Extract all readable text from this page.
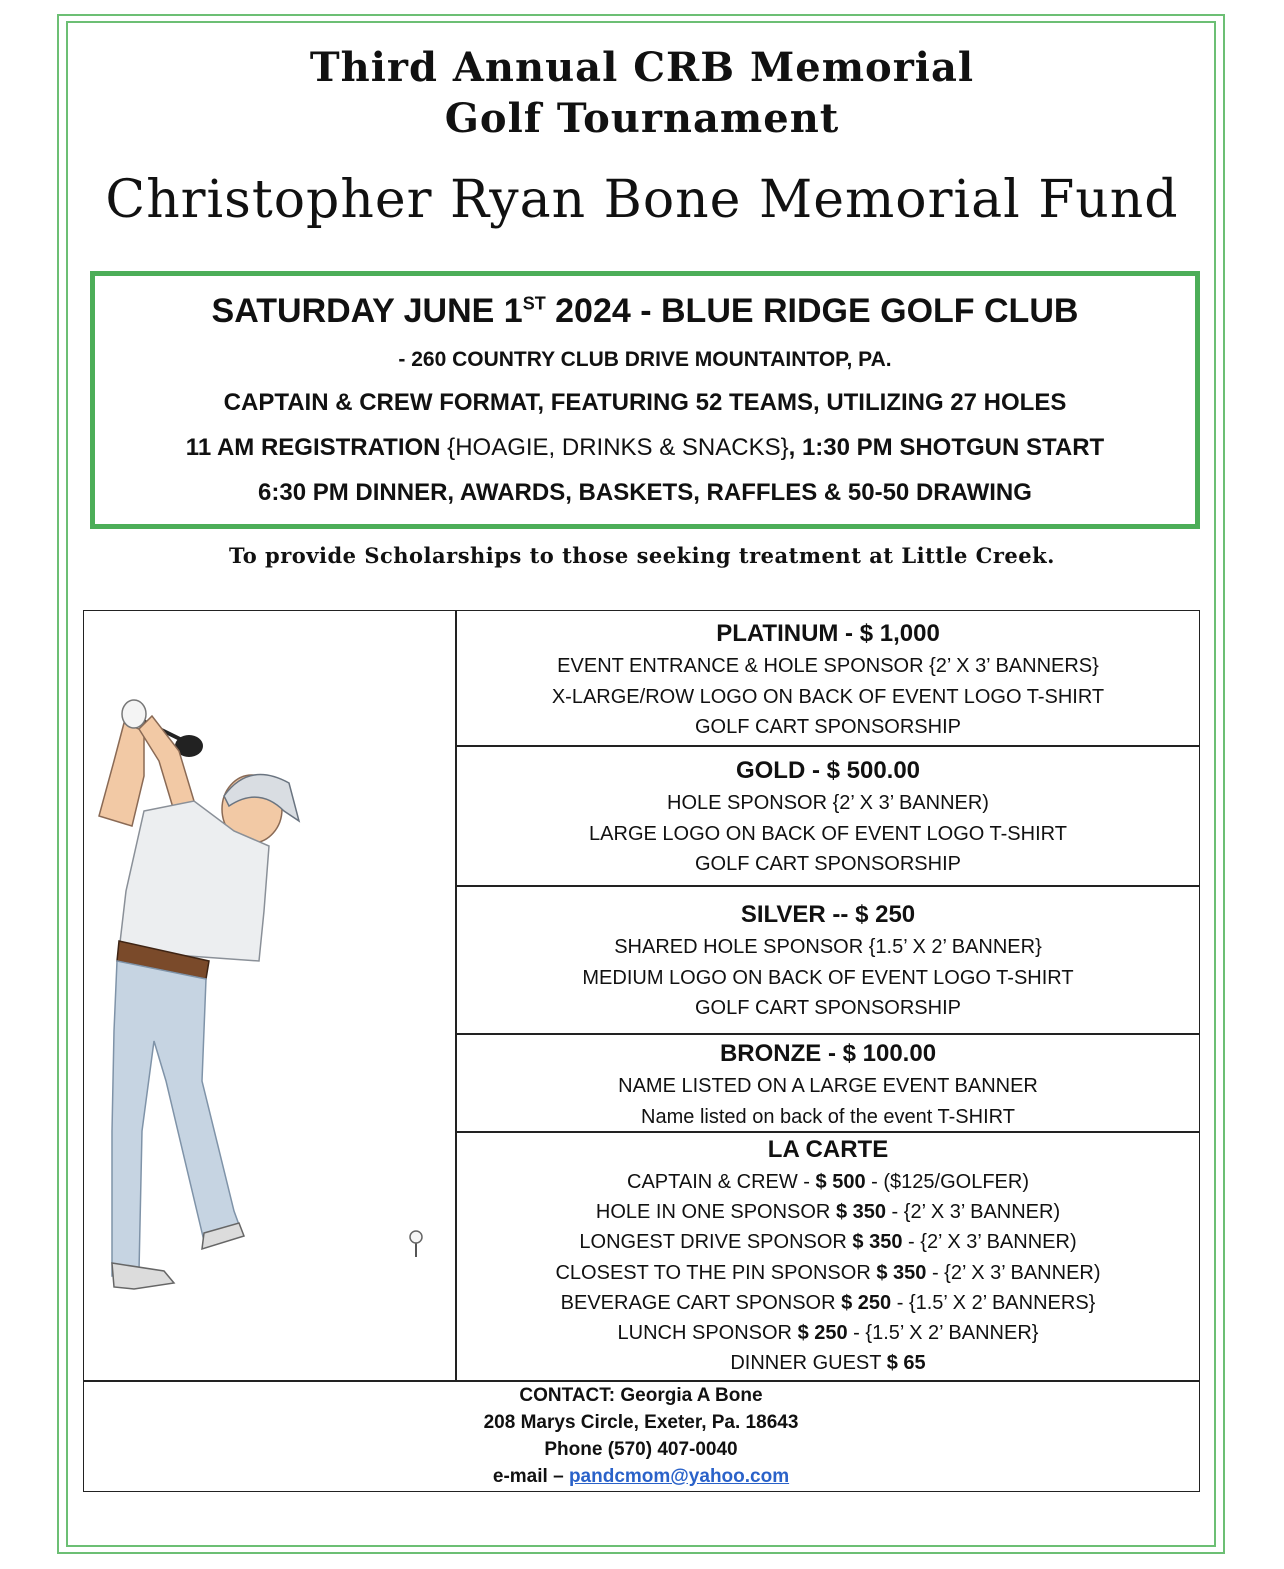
Third Annual CRB Memorial
Golf Tournament
Christopher Ryan Bone Memorial Fund
SATURDAY JUNE 1ST 2024 - BLUE RIDGE GOLF CLUB
- 260 COUNTRY CLUB DRIVE MOUNTAINTOP, PA.
CAPTAIN & CREW FORMAT, FEATURING 52 TEAMS, UTILIZING 27 HOLES
11 AM REGISTRATION {HOAGIE, DRINKS & SNACKS}, 1:30 PM SHOTGUN START
6:30 PM DINNER, AWARDS, BASKETS, RAFFLES & 50-50 DRAWING
To provide Scholarships to those seeking treatment at Little Creek.
PLATINUM - $ 1,000
EVENT ENTRANCE & HOLE SPONSOR {2’ X 3’ BANNERS}
X-LARGE/ROW LOGO ON BACK OF EVENT LOGO T-SHIRT
GOLF CART SPONSORSHIP
GOLD - $ 500.00
HOLE SPONSOR {2’ X 3’ BANNER)
LARGE LOGO ON BACK OF EVENT LOGO T-SHIRT
GOLF CART SPONSORSHIP
SILVER -- $ 250
SHARED HOLE SPONSOR {1.5’ X 2’ BANNER}
MEDIUM LOGO ON BACK OF EVENT LOGO T-SHIRT
GOLF CART SPONSORSHIP
BRONZE - $ 100.00
NAME LISTED ON A LARGE EVENT BANNER
Name listed on back of the event T-SHIRT
LA CARTE
CAPTAIN & CREW - $ 500 - ($125/GOLFER)
HOLE IN ONE SPONSOR $ 350 - {2’ X 3’ BANNER)
LONGEST DRIVE SPONSOR $ 350 - {2’ X 3’ BANNER)
CLOSEST TO THE PIN SPONSOR $ 350 - {2’ X 3’ BANNER)
BEVERAGE CART SPONSOR $ 250 - {1.5’ X 2’ BANNERS}
LUNCH SPONSOR $ 250 - {1.5’ X 2’ BANNER}
DINNER GUEST $ 65
CONTACT: Georgia A Bone
208 Marys Circle, Exeter, Pa. 18643
Phone (570) 407-0040
e-mail – pandcmom@yahoo.com
